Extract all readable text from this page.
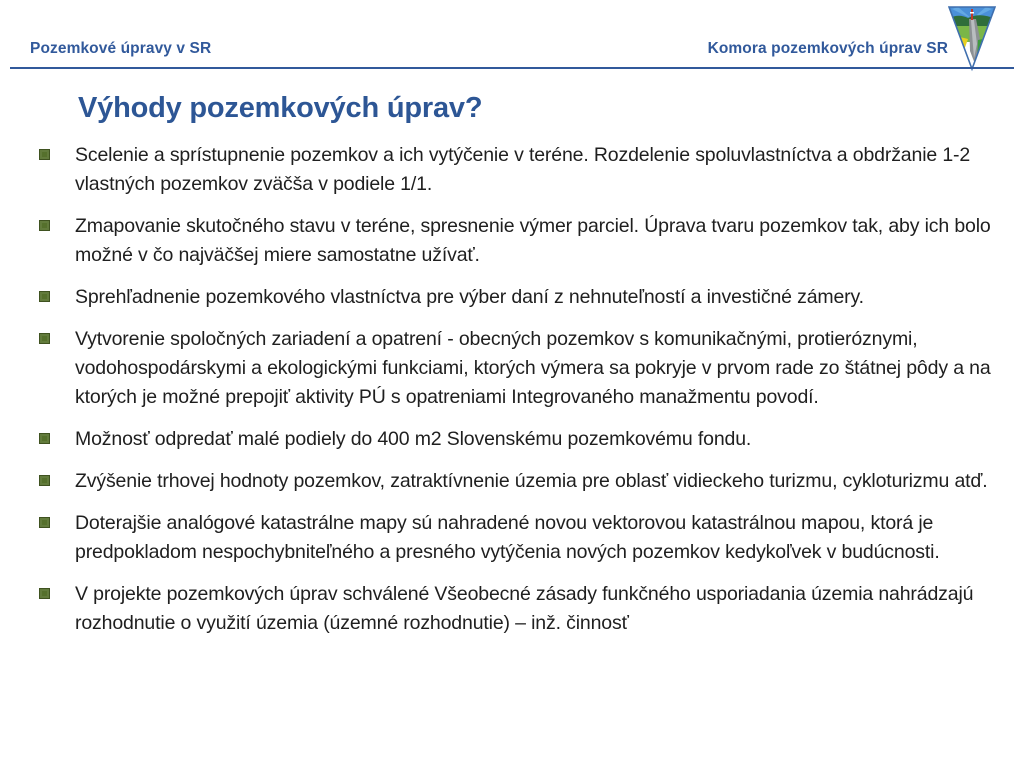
Pozemkové úpravy v SR	Komora pozemkových úprav SR
Výhody pozemkových úprav?
Scelenie a sprístupnenie pozemkov a ich vytýčenie v teréne. Rozdelenie spoluvlastníctva a obdržanie 1-2 vlastných pozemkov zväčša v podiele 1/1.
Zmapovanie skutočného stavu v teréne, spresnenie výmer parciel. Úprava tvaru pozemkov tak, aby ich bolo možné v čo najväčšej miere samostatne užívať.
Sprehľadnenie pozemkového vlastníctva pre výber daní z nehnuteľností a investičné zámery.
Vytvorenie spoločných zariadení a opatrení - obecných pozemkov s komunikačnými, protieróznymi, vodohospodárskymi a ekologickými funkciami, ktorých výmera sa pokryje v prvom rade zo štátnej pôdy a na ktorých je možné prepojiť aktivity PÚ s opatreniami Integrovaného manažmentu povodí.
Možnosť odpredať malé podiely do 400 m2 Slovenskému pozemkovému fondu.
Zvýšenie trhovej hodnoty pozemkov, zatraktívnenie územia pre oblasť vidieckeho turizmu, cykloturizmu atď.
Doterajšie analógové katastrálne mapy sú nahradené novou vektorovou katastrálnou mapou, ktorá je predpokladom nespochybniteľného a presného vytýčenia nových pozemkov kedykoľvek v budúcnosti.
V projekte pozemkových úprav schválené Všeobecné zásady funkčného usporiadania územia nahrádzajú rozhodnutie o využití územia (územné rozhodnutie) – inž. činnosť
